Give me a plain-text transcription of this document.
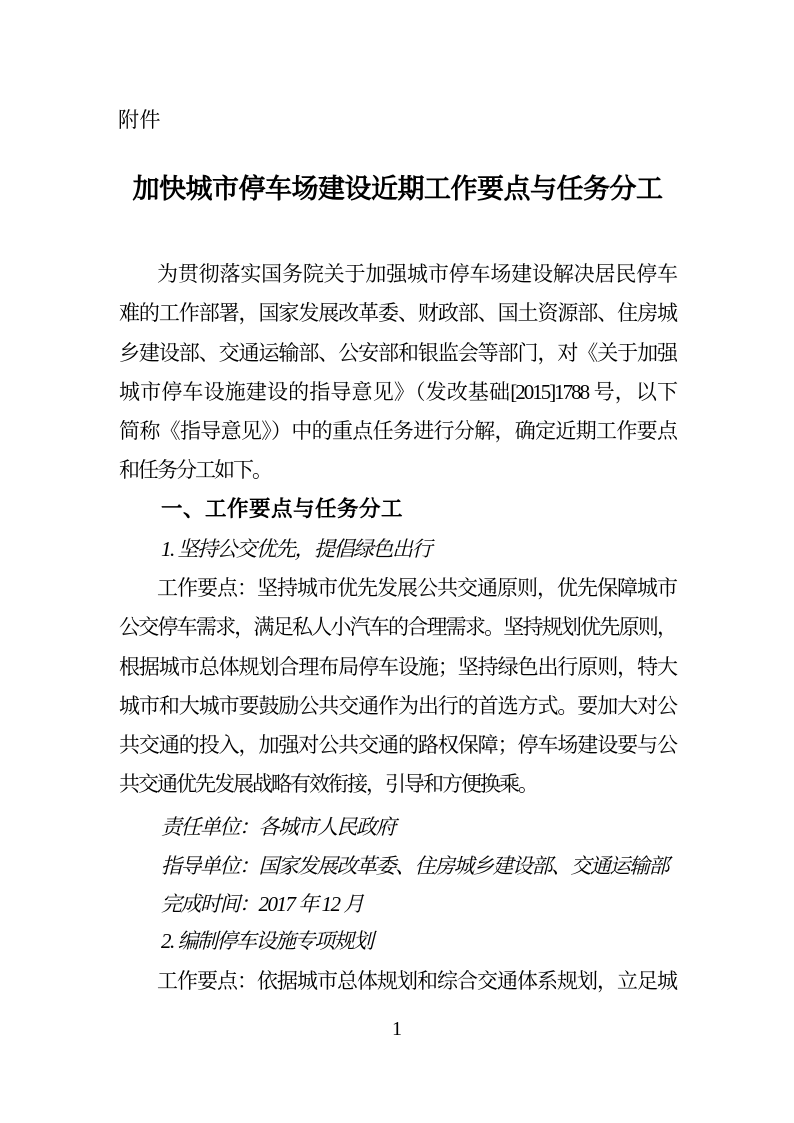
附件
加快城市停车场建设近期工作要点与任务分工
为贯彻落实国务院关于加强城市停车场建设解决居民停车
难的工作部署，国家发展改革委、财政部、国土资源部、住房城
乡建设部、交通运输部、公安部和银监会等部门，对《关于加强
城市停车设施建设的指导意见》（发改基础[2015]1788 号，以下
简称《指导意见》）中的重点任务进行分解，确定近期工作要点
和任务分工如下。
一、工作要点与任务分工
1. 坚持公交优先，提倡绿色出行
工作要点：坚持城市优先发展公共交通原则，优先保障城市
公交停车需求，满足私人小汽车的合理需求。坚持规划优先原则，
根据城市总体规划合理布局停车设施；坚持绿色出行原则，特大
城市和大城市要鼓励公共交通作为出行的首选方式。要加大对公
共交通的投入，加强对公共交通的路权保障；停车场建设要与公
共交通优先发展战略有效衔接，引导和方便换乘。
责任单位：各城市人民政府
指导单位：国家发展改革委、住房城乡建设部、交通运输部
完成时间：2017 年 12 月
2. 编制停车设施专项规划
工作要点：依据城市总体规划和综合交通体系规划，立足城
1
